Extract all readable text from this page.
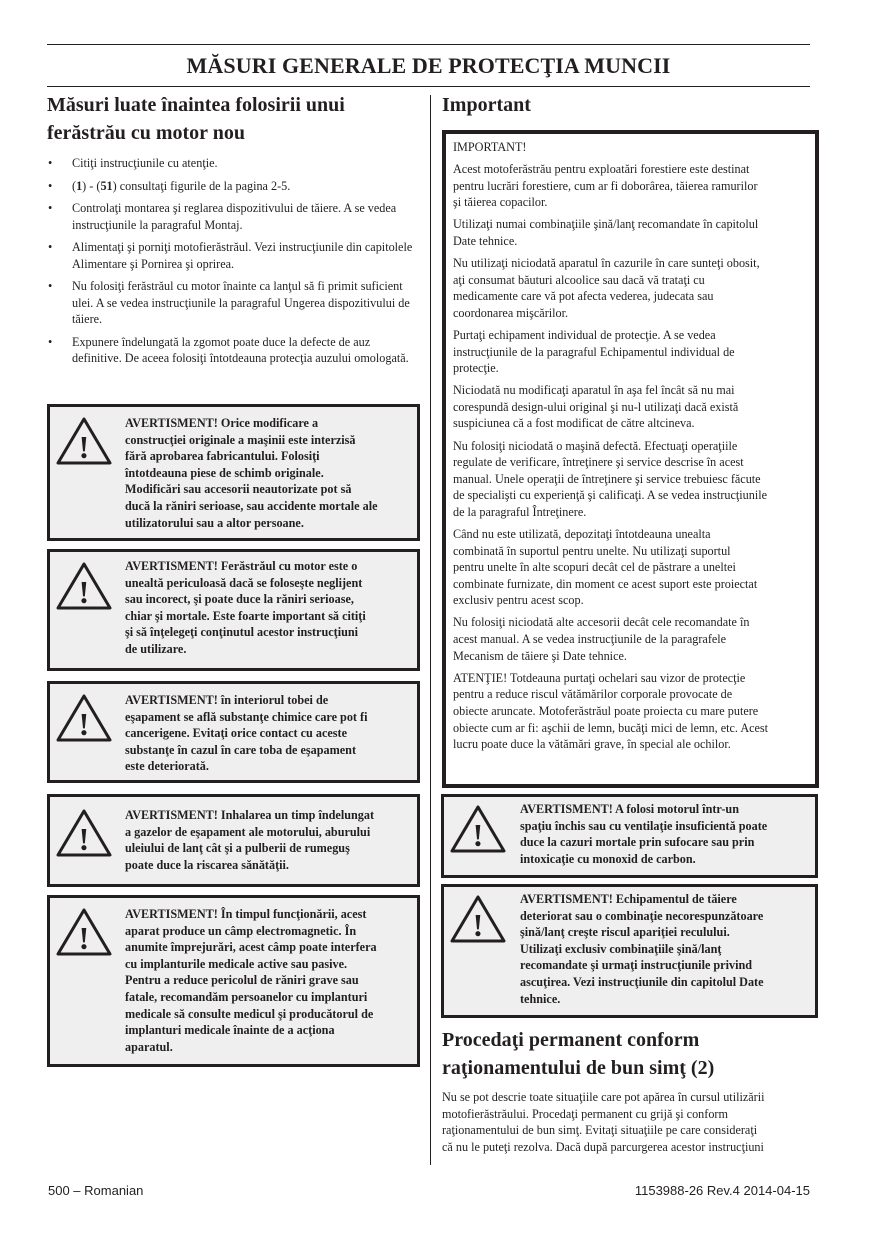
MĂSURI GENERALE DE PROTECŢIA MUNCII
Măsuri luate înaintea folosirii unui
ferăstrău cu motor nou
• Citiţi instrucţiunile cu atenţie.
• (1) - (51) consultaţi figurile de la pagina 2-5.
• Controlaţi montarea şi reglarea dispozitivului de tăiere. A se vedea instrucţiunile la paragraful Montaj.
• Alimentaţi şi porniţi motofierăstrăul. Vezi instrucţiunile din capitolele Alimentare şi Pornirea şi oprirea.
• Nu folosiţi ferăstrăul cu motor înainte ca lanţul să fi primit suficient ulei. A se vedea instrucţiunile la paragraful Ungerea dispozitivului de tăiere.
• Expunere îndelungată la zgomot poate duce la defecte de auz definitive. De aceea folosiţi întotdeauna protecţia auzului omologată.
!
AVERTISMENT! Orice modificare a
construcţiei originale a maşinii este interzisă
fără aprobarea fabricantului. Folosiţi
întotdeauna piese de schimb originale.
Modificări sau accesorii neautorizate pot să
ducă la răniri serioase, sau accidente mortale ale
utilizatorului sau a altor persoane.
!
AVERTISMENT! Ferăstrăul cu motor este o
unealtă periculoasă dacă se foloseşte neglijent
sau incorect, şi poate duce la răniri serioase,
chiar şi mortale. Este foarte important să citiţi
şi să înţelegeţi conţinutul acestor instrucţiuni
de utilizare.
!
AVERTISMENT! în interiorul tobei de
eşapament se află substanţe chimice care pot fi
cancerigene. Evitaţi orice contact cu aceste
substanţe în cazul în care toba de eşapament
este deteriorată.
!
AVERTISMENT! Inhalarea un timp îndelungat
a gazelor de eşapament ale motorului, aburului
uleiului de lanţ cât şi a pulberii de rumeguş
poate duce la riscarea sănătăţii.
!
AVERTISMENT! În timpul funcţionării, acest
aparat produce un câmp electromagnetic. În
anumite împrejurări, acest câmp poate interfera
cu implanturile medicale active sau pasive.
Pentru a reduce pericolul de răniri grave sau
fatale, recomandăm persoanelor cu implanturi
medicale să consulte medicul şi producătorul de
implanturi medicale înainte de a acţiona
aparatul.
Important

IMPORTANT!

Acest motoferăstrău pentru exploatări forestiere este destinat
pentru lucrări forestiere, cum ar fi doborârea, tăierea ramurilor
şi tăierea copacilor.

Utilizaţi numai combinaţiile şină/lanţ recomandate în capitolul
Date tehnice.

Nu utilizaţi niciodată aparatul în cazurile în care sunteţi obosit,
aţi consumat băuturi alcoolice sau dacă vă trataţi cu
medicamente care vă pot afecta vederea, judecata sau
coordonarea mişcărilor.

Purtaţi echipament individual de protecţie. A se vedea
instrucţiunile de la paragraful Echipamentul individual de
protecţie.

Niciodată nu modificaţi aparatul în aşa fel încât să nu mai
corespundă design-ului original şi nu-l utilizaţi dacă există
suspiciunea că a fost modificat de către altcineva.

Nu folosiţi niciodată o maşină defectă. Efectuaţi operaţiile
regulate de verificare, întreţinere şi service descrise în acest
manual. Unele operaţii de întreţinere şi service trebuiesc făcute
de specialişti cu experienţă şi calificaţi. A se vedea instrucţiunile
de la paragraful Întreţinere.

Când nu este utilizată, depozitaţi întotdeauna unealta
combinată în suportul pentru unelte. Nu utilizaţi suportul
pentru unelte în alte scopuri decât cel de păstrare a uneltei
combinate furnizate, din moment ce acest suport este proiectat
exclusiv pentru acest scop.

Nu folosiţi niciodată alte accesorii decât cele recomandate în
acest manual. A se vedea instrucţiunile de la paragrafele
Mecanism de tăiere şi Date tehnice.

ATENŢIE! Totdeauna purtaţi ochelari sau vizor de protecţie
pentru a reduce riscul vătămărilor corporale provocate de
obiecte aruncate. Motoferăstrăul poate proiecta cu mare putere
obiecte cum ar fi: aşchii de lemn, bucăţi mici de lemn, etc. Acest
lucru poate duce la vătămări grave, în special ale ochilor.

!
AVERTISMENT! A folosi motorul într-un
spaţiu închis sau cu ventilaţie insuficientă poate
duce la cazuri mortale prin sufocare sau prin
intoxicaţie cu monoxid de carbon.
!
AVERTISMENT! Echipamentul de tăiere
deteriorat sau o combinaţie necorespunzătoare
şină/lanţ creşte riscul apariţiei reculului.
Utilizaţi exclusiv combinaţiile şină/lanţ
recomandate şi urmaţi instrucţiunile privind
ascuţirea. Vezi instrucţiunile din capitolul Date
tehnice.
Procedaţi permanent conform
raţionamentului de bun simţ (2)
Nu se pot descrie toate situaţiile care pot apărea în cursul utilizării
motofierăstrăului. Procedaţi permanent cu grijă şi conform
raţionamentului de bun simţ. Evitaţi situaţiile pe care consideraţi
că nu le puteţi rezolva. Dacă după parcurgerea acestor instrucţiuni
500 – Romanian	1153988-26 Rev.4 2014-04-15
